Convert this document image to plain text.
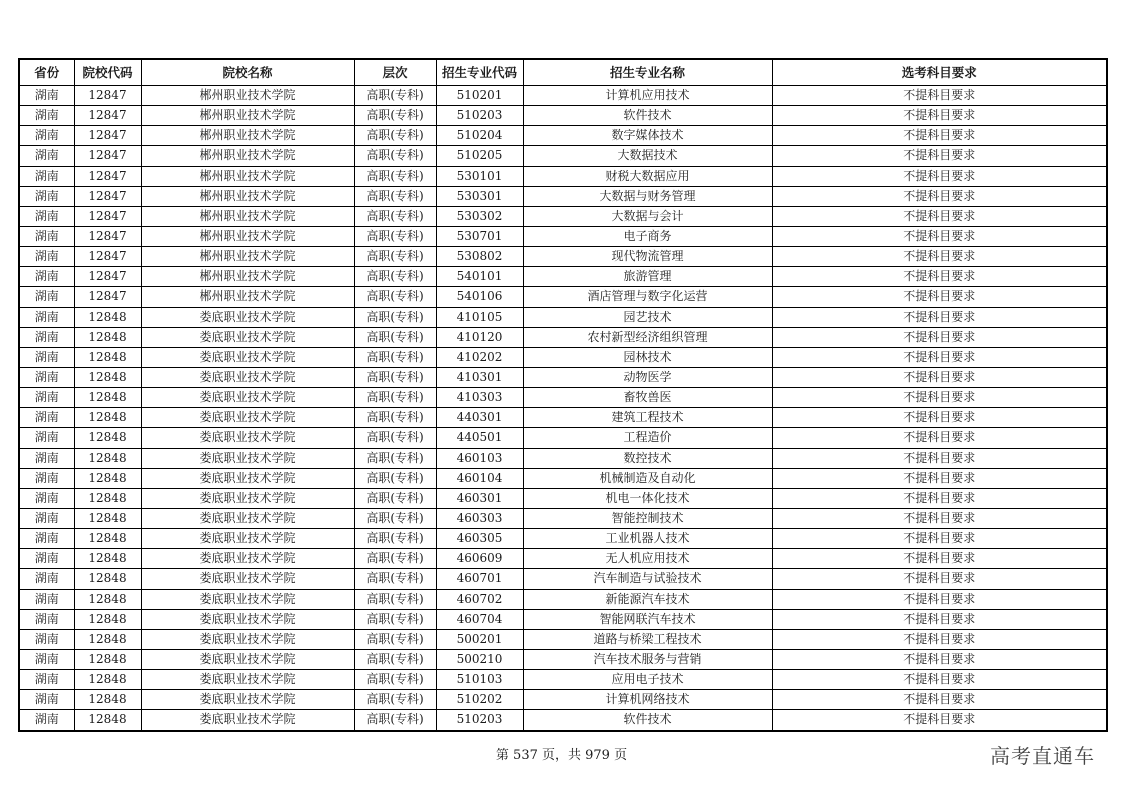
省份	院校代码	院校名称	层次	招生专业代码	招生专业名称	选考科目要求
湖南	12847	郴州职业技术学院	高职(专科)	510201	计算机应用技术	不提科目要求
湖南	12847	郴州职业技术学院	高职(专科)	510203	软件技术	不提科目要求
湖南	12847	郴州职业技术学院	高职(专科)	510204	数字媒体技术	不提科目要求
湖南	12847	郴州职业技术学院	高职(专科)	510205	大数据技术	不提科目要求
湖南	12847	郴州职业技术学院	高职(专科)	530101	财税大数据应用	不提科目要求
湖南	12847	郴州职业技术学院	高职(专科)	530301	大数据与财务管理	不提科目要求
湖南	12847	郴州职业技术学院	高职(专科)	530302	大数据与会计	不提科目要求
湖南	12847	郴州职业技术学院	高职(专科)	530701	电子商务	不提科目要求
湖南	12847	郴州职业技术学院	高职(专科)	530802	现代物流管理	不提科目要求
湖南	12847	郴州职业技术学院	高职(专科)	540101	旅游管理	不提科目要求
湖南	12847	郴州职业技术学院	高职(专科)	540106	酒店管理与数字化运营	不提科目要求
湖南	12848	娄底职业技术学院	高职(专科)	410105	园艺技术	不提科目要求
湖南	12848	娄底职业技术学院	高职(专科)	410120	农村新型经济组织管理	不提科目要求
湖南	12848	娄底职业技术学院	高职(专科)	410202	园林技术	不提科目要求
湖南	12848	娄底职业技术学院	高职(专科)	410301	动物医学	不提科目要求
湖南	12848	娄底职业技术学院	高职(专科)	410303	畜牧兽医	不提科目要求
湖南	12848	娄底职业技术学院	高职(专科)	440301	建筑工程技术	不提科目要求
湖南	12848	娄底职业技术学院	高职(专科)	440501	工程造价	不提科目要求
湖南	12848	娄底职业技术学院	高职(专科)	460103	数控技术	不提科目要求
湖南	12848	娄底职业技术学院	高职(专科)	460104	机械制造及自动化	不提科目要求
湖南	12848	娄底职业技术学院	高职(专科)	460301	机电一体化技术	不提科目要求
湖南	12848	娄底职业技术学院	高职(专科)	460303	智能控制技术	不提科目要求
湖南	12848	娄底职业技术学院	高职(专科)	460305	工业机器人技术	不提科目要求
湖南	12848	娄底职业技术学院	高职(专科)	460609	无人机应用技术	不提科目要求
湖南	12848	娄底职业技术学院	高职(专科)	460701	汽车制造与试验技术	不提科目要求
湖南	12848	娄底职业技术学院	高职(专科)	460702	新能源汽车技术	不提科目要求
湖南	12848	娄底职业技术学院	高职(专科)	460704	智能网联汽车技术	不提科目要求
湖南	12848	娄底职业技术学院	高职(专科)	500201	道路与桥梁工程技术	不提科目要求
湖南	12848	娄底职业技术学院	高职(专科)	500210	汽车技术服务与营销	不提科目要求
湖南	12848	娄底职业技术学院	高职(专科)	510103	应用电子技术	不提科目要求
湖南	12848	娄底职业技术学院	高职(专科)	510202	计算机网络技术	不提科目要求
湖南	12848	娄底职业技术学院	高职(专科)	510203	软件技术	不提科目要求
第 537 页，共 979 页	高考直通车
